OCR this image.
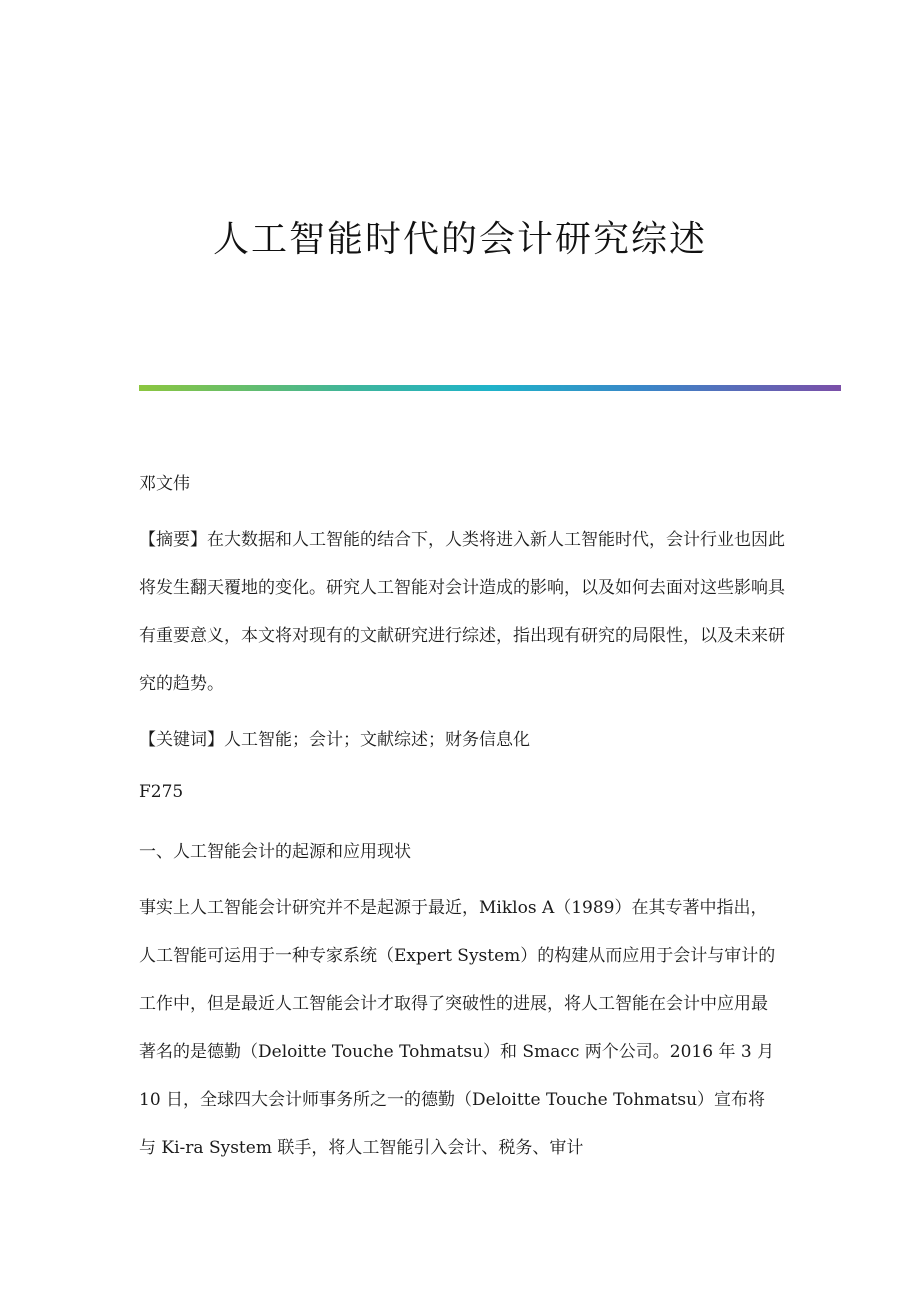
人工智能时代的会计研究综述

邓文伟

【摘要】在大数据和人工智能的结合下，人类将进入新人工智能时代，会计行业也因此将发生翻天覆地的变化。研究人工智能对会计造成的影响，以及如何去面对这些影响具有重要意义，本文将对现有的文献研究进行综述，指出现有研究的局限性，以及未来研究的趋势。

【关键词】人工智能；会计；文献综述；财务信息化

F275

一、人工智能会计的起源和应用现状

事实上人工智能会计研究并不是起源于最近，Miklos A（1989）在其专著中指出，人工智能可运用于一种专家系统（Expert System）的构建从而应用于会计与审计的工作中，但是最近人工智能会计才取得了突破性的进展，将人工智能在会计中应用最著名的是德勤（Deloitte Touche Tohmatsu）和 Smacc 两个公司。2016 年 3 月 10 日，全球四大会计师事务所之一的德勤（Deloitte Touche Tohmatsu）宣布将与 Ki-ra System 联手，将人工智能引入会计、税务、审计
